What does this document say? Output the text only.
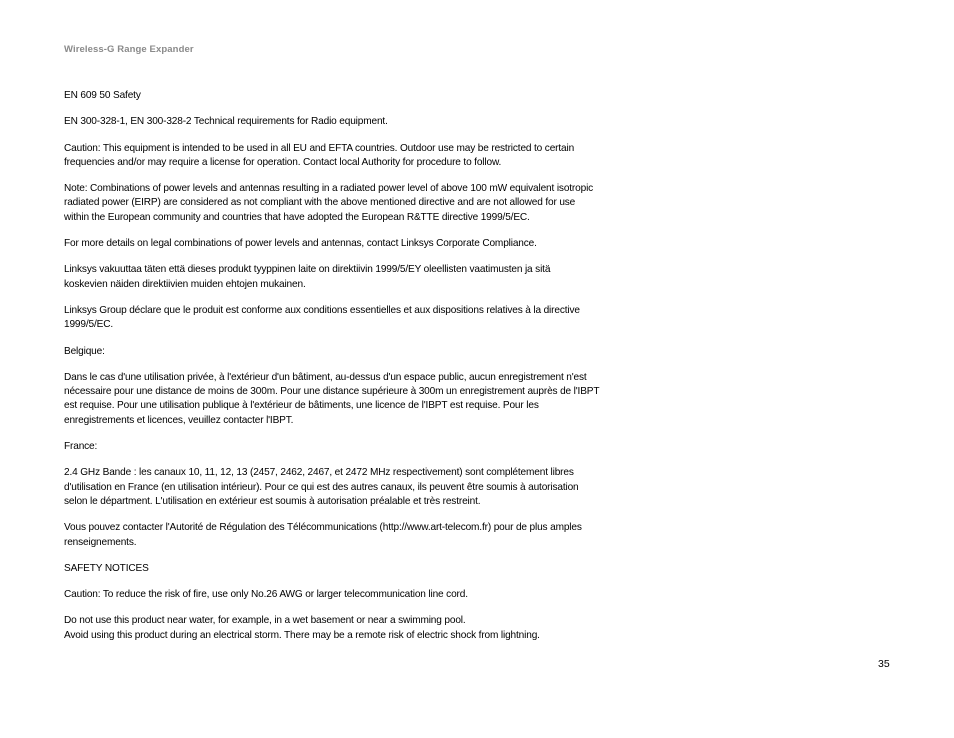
Wireless-G Range Expander

EN 609 50 Safety

EN 300-328-1, EN 300-328-2 Technical requirements for Radio equipment.

Caution: This equipment is intended to be used in all EU and EFTA countries. Outdoor use may be restricted to certain
frequencies and/or may require a license for operation. Contact local Authority for procedure to follow.

Note: Combinations of power levels and antennas resulting in a radiated power level of above 100 mW equivalent isotropic
radiated power (EIRP) are considered as not compliant with the above mentioned directive and are not allowed for use
within the European community and countries that have adopted the European R&TTE directive 1999/5/EC.

For more details on legal combinations of power levels and antennas, contact Linksys Corporate Compliance.

Linksys vakuuttaa täten että dieses produkt tyyppinen laite on direktiivin 1999/5/EY oleellisten vaatimusten ja sitä
koskevien näiden direktiivien muiden ehtojen mukainen.

Linksys Group déclare que le produit est conforme aux conditions essentielles et aux dispositions relatives à la directive
1999/5/EC.

Belgique:

Dans le cas d'une utilisation privée, à l'extérieur d'un bâtiment, au-dessus d'un espace public, aucun enregistrement n'est
nécessaire pour une distance de moins de 300m. Pour une distance supérieure à 300m un enregistrement auprès de l'IBPT
est requise. Pour une utilisation publique à l'extérieur de bâtiments, une licence de l'IBPT est requise. Pour les
enregistrements et licences, veuillez contacter l'IBPT.

France:

2.4 GHz Bande : les canaux 10, 11, 12, 13 (2457, 2462, 2467, et 2472 MHz respectivement) sont complétement libres
d'utilisation en France (en utilisation intérieur). Pour ce qui est des autres canaux, ils peuvent être soumis à autorisation
selon le départment. L'utilisation en extérieur est soumis à autorisation préalable et très restreint.

Vous pouvez contacter l'Autorité de Régulation des Télécommunications (http://www.art-telecom.fr) pour de plus amples
renseignements.

SAFETY NOTICES

Caution: To reduce the risk of fire, use only No.26 AWG or larger telecommunication line cord.

Do not use this product near water, for example, in a wet basement or near a swimming pool.
Avoid using this product during an electrical storm. There may be a remote risk of electric shock from lightning.

35
